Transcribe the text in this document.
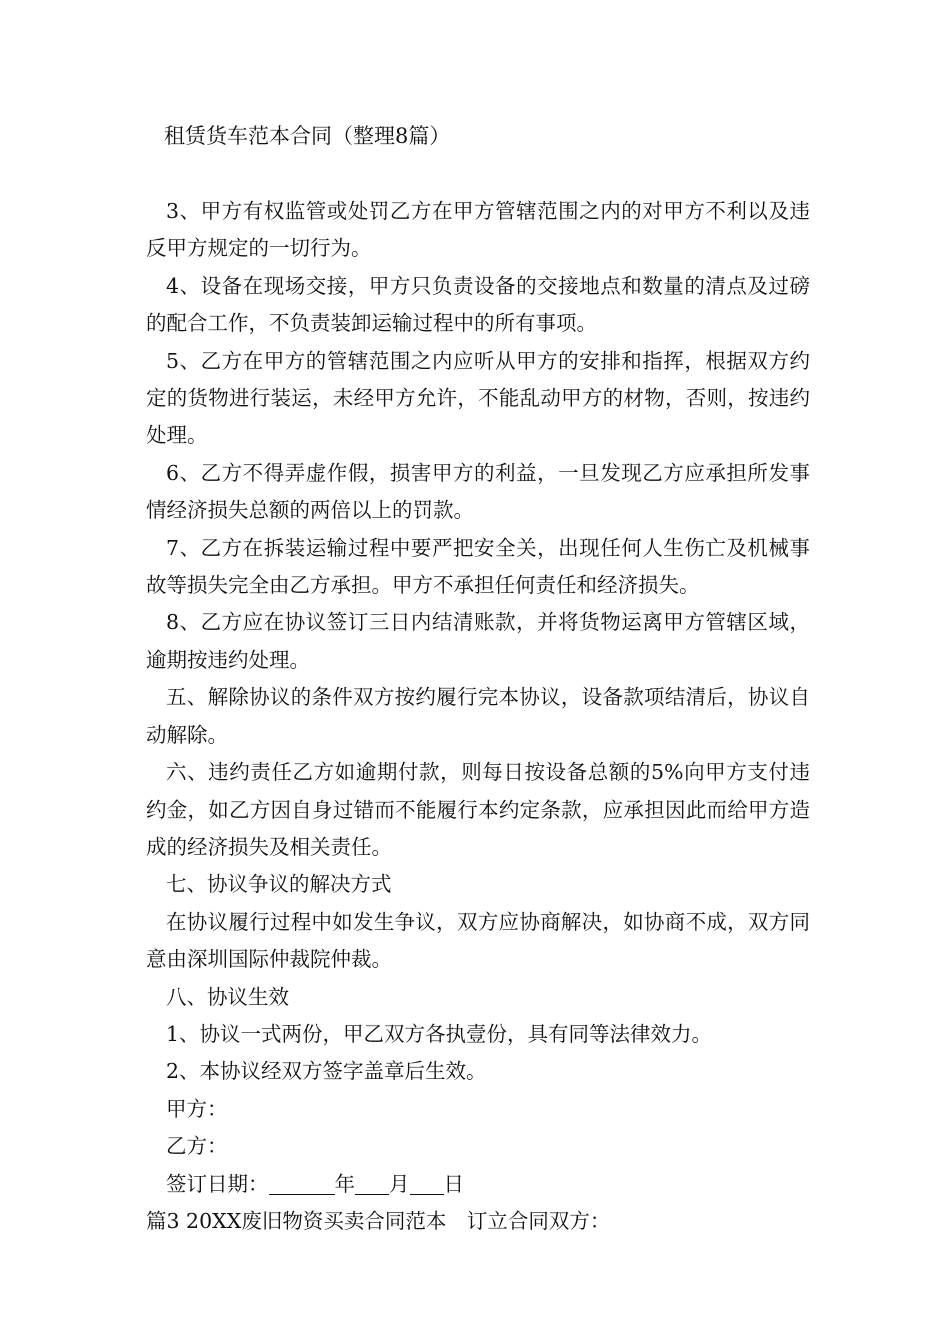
租赁货车范本合同（整理8篇）

3、甲方有权监管或处罚乙方在甲方管辖范围之内的对甲方不利以及违反甲方规定的一切行为。

4、设备在现场交接，甲方只负责设备的交接地点和数量的清点及过磅的配合工作，不负责装卸运输过程中的所有事项。

5、乙方在甲方的管辖范围之内应听从甲方的安排和指挥，根据双方约定的货物进行装运，未经甲方允许，不能乱动甲方的材物，否则，按违约处理。

6、乙方不得弄虚作假，损害甲方的利益，一旦发现乙方应承担所发事情经济损失总额的两倍以上的罚款。

7、乙方在拆装运输过程中要严把安全关，出现任何人生伤亡及机械事故等损失完全由乙方承担。甲方不承担任何责任和经济损失。

8、乙方应在协议签订三日内结清账款，并将货物运离甲方管辖区域，逾期按违约处理。

五、解除协议的条件双方按约履行完本协议，设备款项结清后，协议自动解除。

六、违约责任乙方如逾期付款，则每日按设备总额的5%向甲方支付违约金，如乙方因自身过错而不能履行本约定条款，应承担因此而给甲方造成的经济损失及相关责任。

七、协议争议的解决方式

在协议履行过程中如发生争议，双方应协商解决，如协商不成，双方同意由深圳国际仲裁院仲裁。

八、协议生效

1、协议一式两份，甲乙双方各执壹份，具有同等法律效力。

2、本协议经双方签字盖章后生效。

甲方：

乙方：

签订日期：	年 月 日

篇3 20XX废旧物资买卖合同范本　订立合同双方：
